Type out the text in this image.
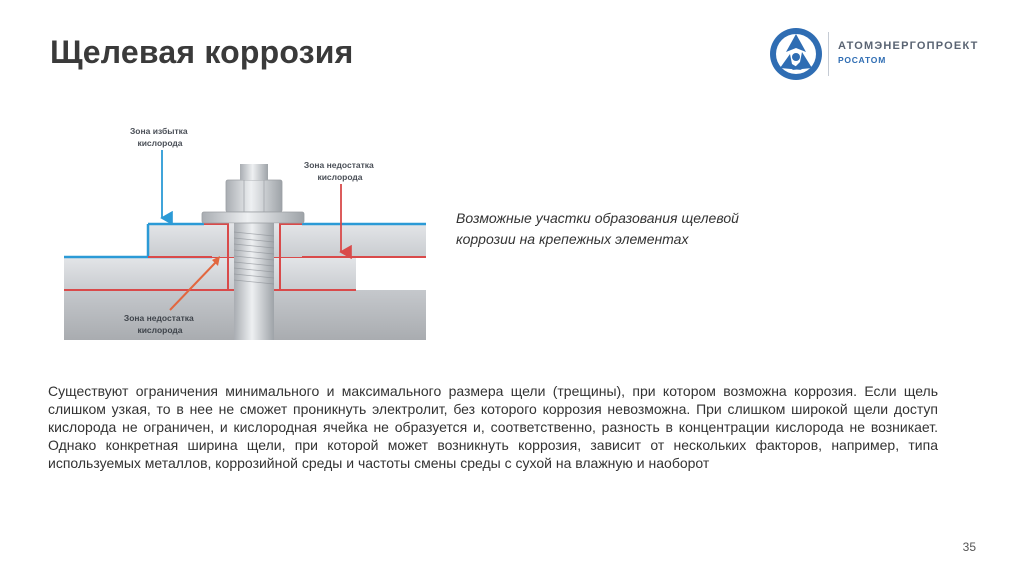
Щелевая коррозия	АТОМЭНЕРГОПРОЕКТ
РОСАТОМ
Зона избытка кислорода
Зона недостатка кислорода
Зона недостатка кислорода
Возможные участки образования щелевой коррозии на крепежных элементах
Существуют ограничения минимального и максимального размера щели (трещины), при котором возможна коррозия. Если щель слишком узкая, то в нее не сможет проникнуть электролит, без которого коррозия невозможна. При слишком широкой щели доступ кислорода не ограничен, и кислородная ячейка не образуется и, соответственно, разность в концентрации кислорода не возникает. Однако конкретная ширина щели, при которой может возникнуть коррозия, зависит от нескольких факторов, например, типа используемых металлов, коррозийной среды и частоты смены среды с сухой на влажную и наоборот
35
